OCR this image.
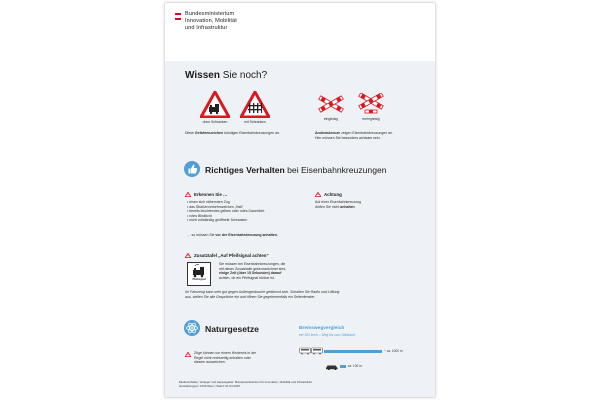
Bundesministerium
Innovation, Mobilität
und Infrastruktur
Wissen Sie noch?
ohne Schranken	mit Schranken
eingleisig	mehrgleisig
Diese Gefahrenzeichen kündigen Eisenbahnkreuzungen an.	Andreaskreuze zeigen Eisenbahnkreuzungen an.
Hier müssen Sie besonders achtsam sein.
Richtiges Verhalten bei Eisenbahnkreuzungen
Erkennen Sie …
• einen sich nähernden Zug
• das Straßenverkehrszeichen „Halt“
• bereits leuchtendes gelbes oder rotes Dauerlicht
• rotes Blinklicht
• nicht vollständig geöffnete Schranken
… so müssen Sie vor der Eisenbahnkreuzung anhalten.
Achtung
Auf einer Eisenbahnkreuzung
dürfen Sie nicht anhalten
Zusatztafel „Auf Pfeifsignal achten“
Pfeifsignal
Sie müssen bei Eisenbahnkreuzungen, die
mit dieser Zusatztafel gekennzeichnet sind,
einige Zeit (über 15 Sekunden) darauf
achten, ob ein Pfeifsignal hörbar ist.
Ihr Fahrzeug kann sehr gut gegen Außengeräusche gedämmt sein. Schalten Sie Radio und Lüftung
aus, stellen Sie alle Gespräche ein und öffnen Sie gegebenenfalls ein Seitenfenster.
Naturgesetze
Züge können vor einem Hindernis in der
Regel nicht rechtzeitig anhalten oder
diesem ausweichen.
Bremswegvergleich
bei 100 km/h – Weg bis zum Stillstand
~ ca. 1000 m
ca. 100 m
Medieninhaber, Verleger und Herausgeber: Bundesministerium für Innovation, Mobilität und Infrastruktur
Herstellungsort: 1030 Wien | Stand: 01.04.2025
